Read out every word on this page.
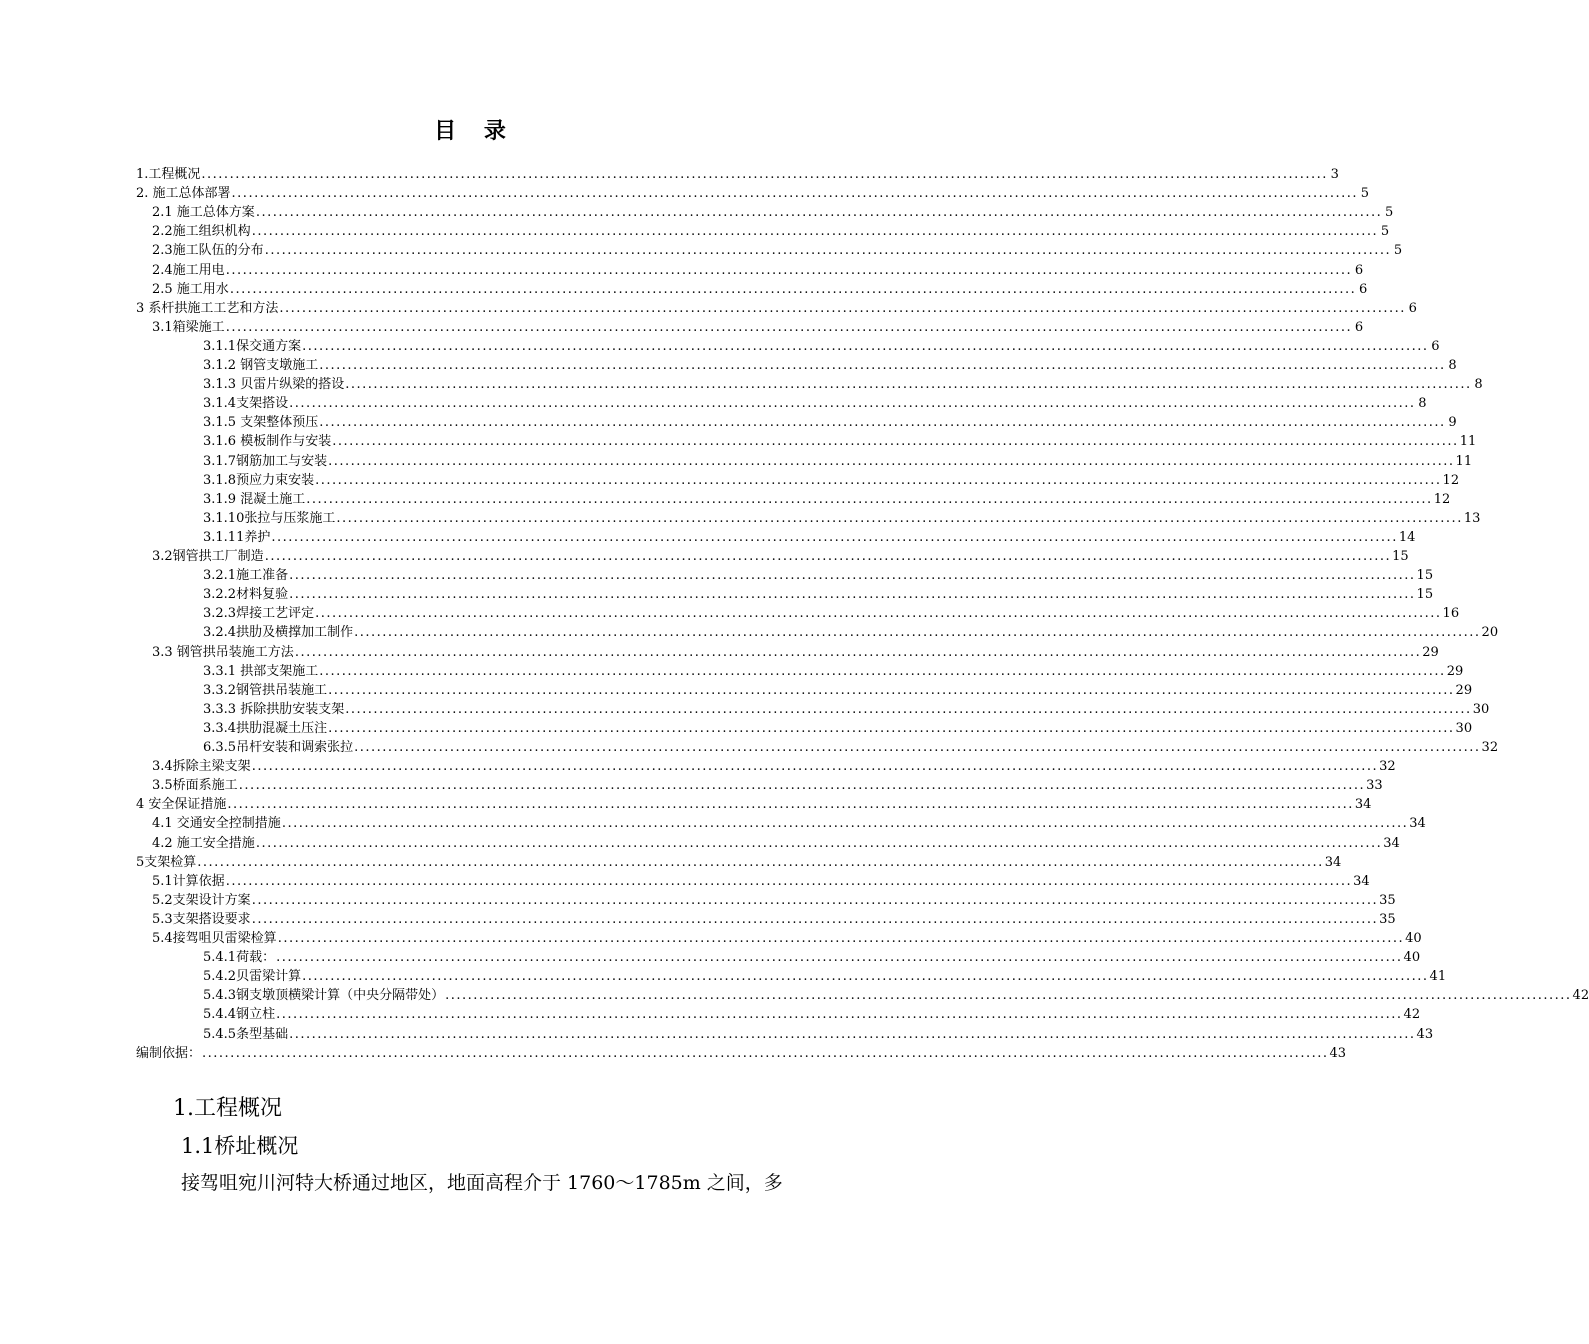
目 录
1.工程概况 ........................................................................................................................................................................................................ 3
2. 施工总体部署 ........................................................................................................................................................................................................ 5
2.1 施工总体方案 ........................................................................................................................................................................................................ 5
2.2施工组织机构 ........................................................................................................................................................................................................ 5
2.3施工队伍的分布 ........................................................................................................................................................................................................ 5
2.4施工用电 ........................................................................................................................................................................................................ 6
2.5 施工用水 ........................................................................................................................................................................................................ 6
3 系杆拱施工工艺和方法 ........................................................................................................................................................................................................ 6
3.1箱梁施工 ........................................................................................................................................................................................................ 6
3.1.1保交通方案 ........................................................................................................................................................................................................ 6
3.1.2 钢管支墩施工 ........................................................................................................................................................................................................ 8
3.1.3 贝雷片纵梁的搭设 ........................................................................................................................................................................................................ 8
3.1.4支架搭设 ........................................................................................................................................................................................................ 8
3.1.5 支架整体预压 ........................................................................................................................................................................................................ 9
3.1.6 模板制作与安装 ........................................................................................................................................................................................................ 11
3.1.7钢筋加工与安装 ........................................................................................................................................................................................................ 11
3.1.8预应力束安装 ........................................................................................................................................................................................................ 12
3.1.9 混凝土施工 ........................................................................................................................................................................................................ 12
3.1.10张拉与压浆施工 ........................................................................................................................................................................................................ 13
3.1.11养护 ........................................................................................................................................................................................................ 14
3.2钢管拱工厂制造 ........................................................................................................................................................................................................ 15
3.2.1施工准备 ........................................................................................................................................................................................................ 15
3.2.2材料复验 ........................................................................................................................................................................................................ 15
3.2.3焊接工艺评定 ........................................................................................................................................................................................................ 16
3.2.4拱肋及横撑加工制作 ........................................................................................................................................................................................................ 20
3.3 钢管拱吊装施工方法 ........................................................................................................................................................................................................ 29
3.3.1 拱部支架施工 ........................................................................................................................................................................................................ 29
3.3.2钢管拱吊装施工 ........................................................................................................................................................................................................ 29
3.3.3 拆除拱肋安装支架 ........................................................................................................................................................................................................ 30
3.3.4拱肋混凝土压注 ........................................................................................................................................................................................................ 30
6.3.5吊杆安装和调索张拉 ........................................................................................................................................................................................................ 32
3.4拆除主梁支架 ........................................................................................................................................................................................................ 32
3.5桥面系施工 ........................................................................................................................................................................................................ 33
4 安全保证措施 ........................................................................................................................................................................................................ 34
4.1 交通安全控制措施 ........................................................................................................................................................................................................ 34
4.2 施工安全措施 ........................................................................................................................................................................................................ 34
5支架检算 ........................................................................................................................................................................................................ 34
5.1计算依据 ........................................................................................................................................................................................................ 34
5.2支架设计方案 ........................................................................................................................................................................................................ 35
5.3支架搭设要求 ........................................................................................................................................................................................................ 35
5.4接驾咀贝雷梁检算 ........................................................................................................................................................................................................ 40
5.4.1荷载： ........................................................................................................................................................................................................ 40
5.4.2贝雷梁计算 ........................................................................................................................................................................................................ 41
5.4.3钢支墩顶横梁计算（中央分隔带处） ........................................................................................................................................................................................................ 42
5.4.4钢立柱 ........................................................................................................................................................................................................ 42
5.4.5条型基础 ........................................................................................................................................................................................................ 43
编制依据： ........................................................................................................................................................................................................ 43
1.工程概况
1.1桥址概况
接驾咀宛川河特大桥通过地区，地面高程介于 1760～1785m 之间，多
